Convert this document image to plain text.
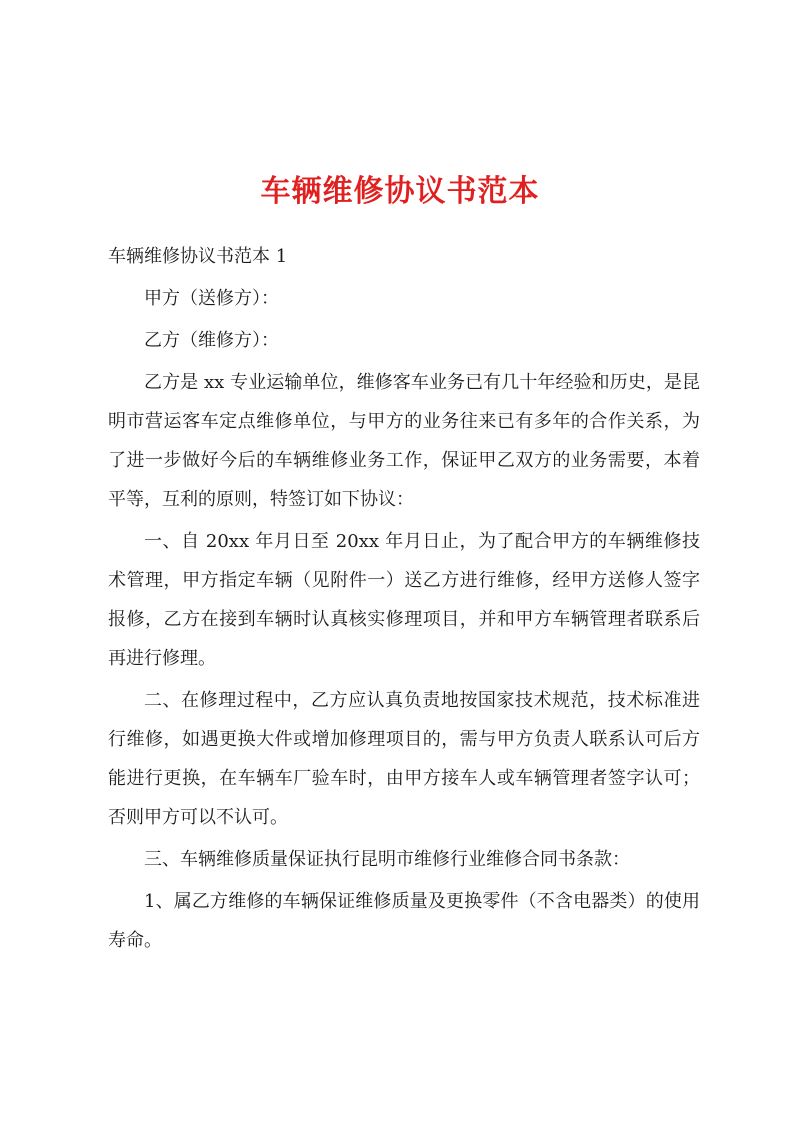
车辆维修协议书范本

车辆维修协议书范本 1

甲方（送修方）：

乙方（维修方）：

乙方是 xx 专业运输单位，维修客车业务已有几十年经验和历史，是昆明市营运客车定点维修单位，与甲方的业务往来已有多年的合作关系，为了进一步做好今后的车辆维修业务工作，保证甲乙双方的业务需要，本着平等，互利的原则，特签订如下协议：

一、自 20xx 年月日至 20xx 年月日止，为了配合甲方的车辆维修技术管理，甲方指定车辆（见附件一）送乙方进行维修，经甲方送修人签字报修，乙方在接到车辆时认真核实修理项目，并和甲方车辆管理者联系后再进行修理。

二、在修理过程中，乙方应认真负责地按国家技术规范，技术标准进行维修，如遇更换大件或增加修理项目的，需与甲方负责人联系认可后方能进行更换，在车辆车厂验车时，由甲方接车人或车辆管理者签字认可；否则甲方可以不认可。

三、车辆维修质量保证执行昆明市维修行业维修合同书条款：

1、属乙方维修的车辆保证维修质量及更换零件（不含电器类）的使用寿命。
